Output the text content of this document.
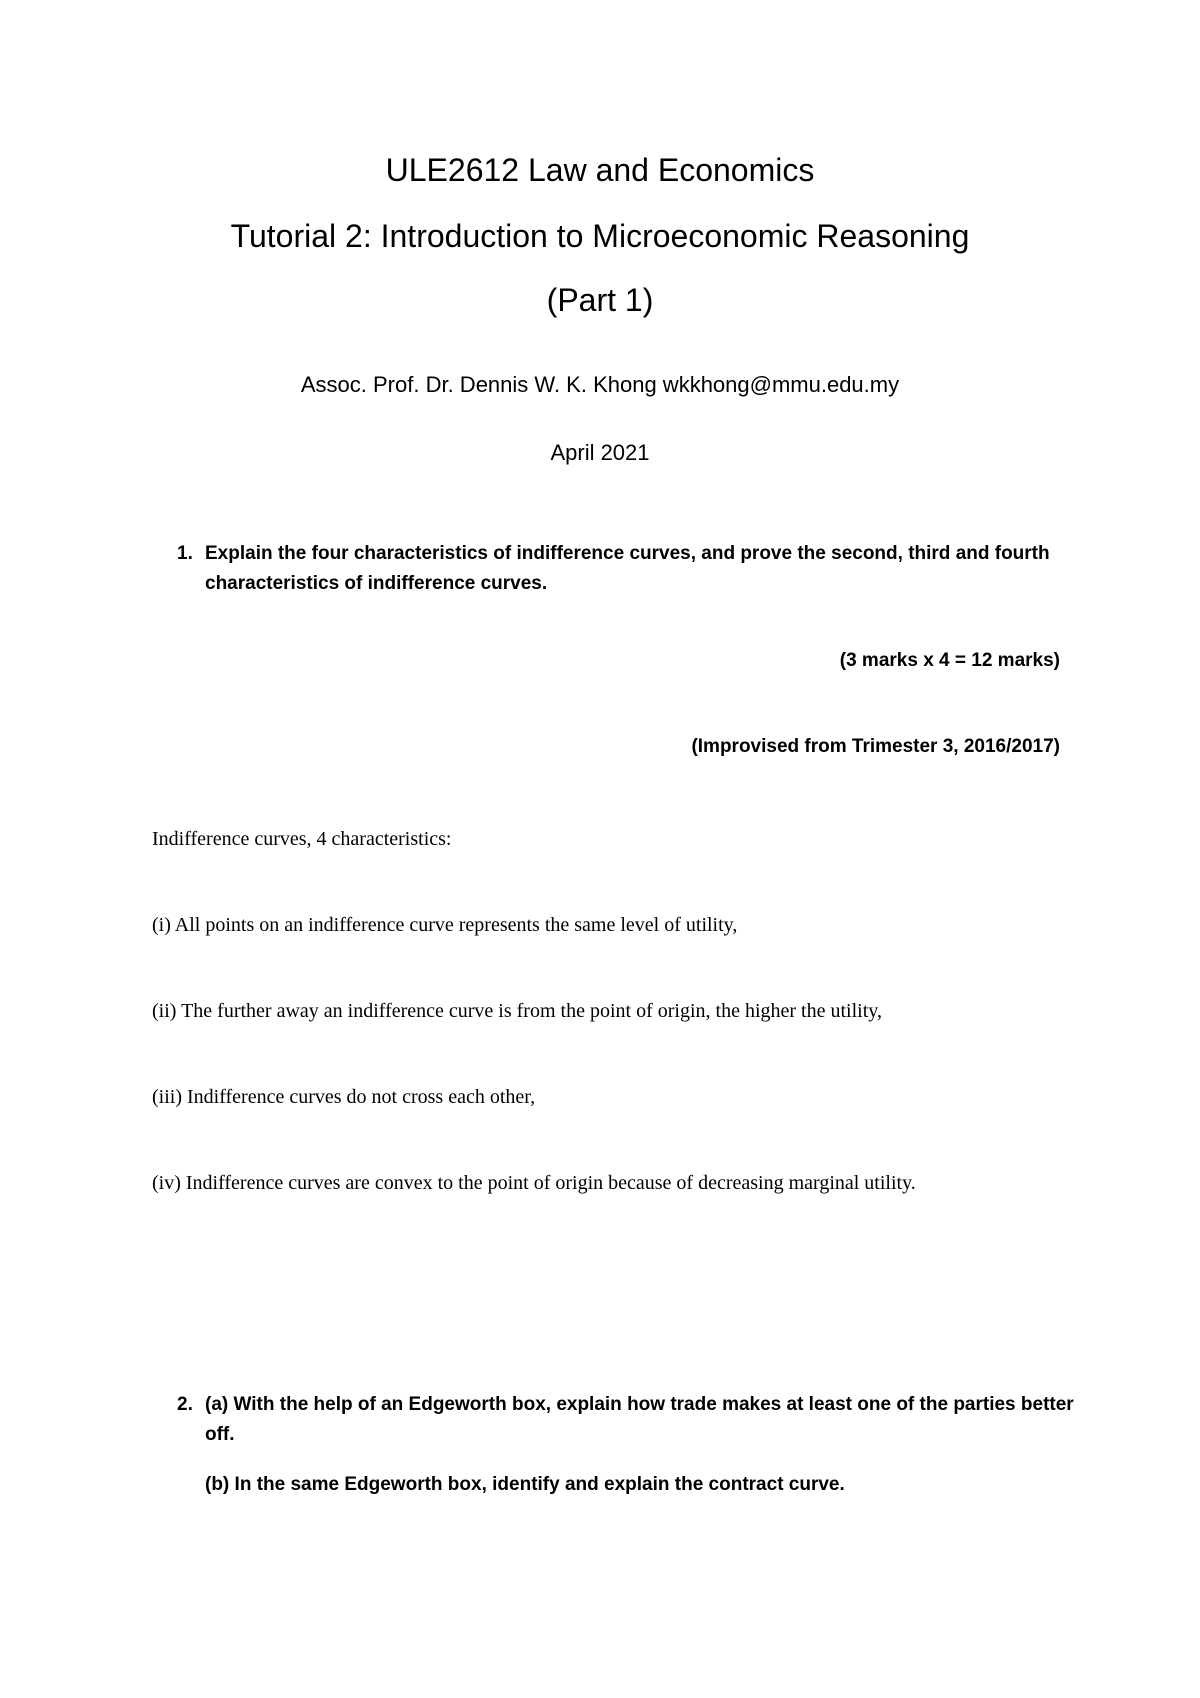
ULE2612 Law and Economics
Tutorial 2: Introduction to Microeconomic Reasoning
(Part 1)
Assoc. Prof. Dr. Dennis W. K. Khong wkkhong@mmu.edu.my
April 2021
1. Explain the four characteristics of indifference curves, and prove the second, third and fourth characteristics of indifference curves.
(3 marks x 4 = 12 marks)
(Improvised from Trimester 3, 2016/2017)
Indifference curves, 4 characteristics:
(i) All points on an indifference curve represents the same level of utility,
(ii) The further away an indifference curve is from the point of origin, the higher the utility,
(iii) Indifference curves do not cross each other,
(iv) Indifference curves are convex to the point of origin because of decreasing marginal utility.
2. (a) With the help of an Edgeworth box, explain how trade makes at least one of the parties better off.
(b) In the same Edgeworth box, identify and explain the contract curve.
